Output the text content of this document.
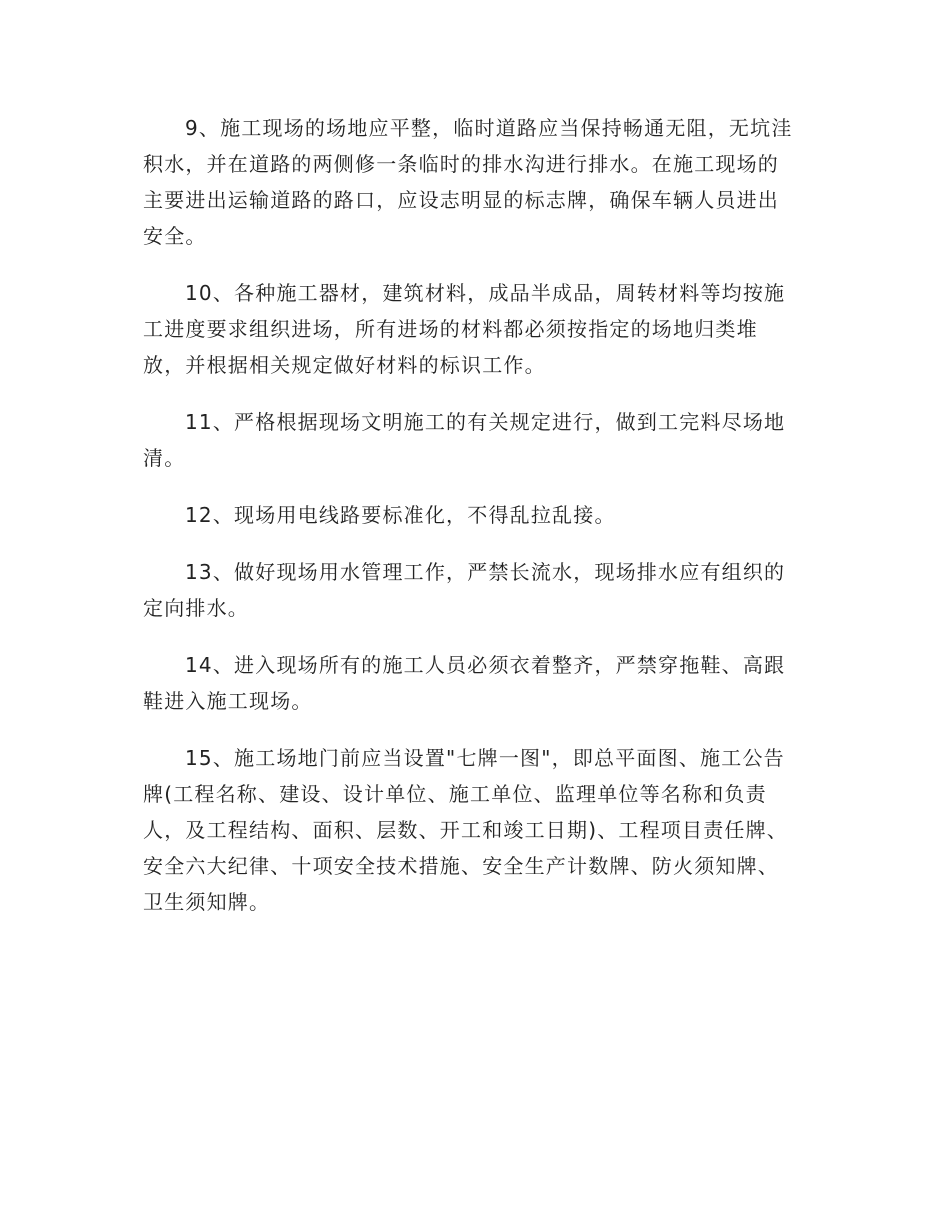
9、施工现场的场地应平整，临时道路应当保持畅通无阻，无坑洼
积水，并在道路的两侧修一条临时的排水沟进行排水。在施工现场的
主要进出运输道路的路口，应设志明显的标志牌，确保车辆人员进出
安全。
10、各种施工器材，建筑材料，成品半成品，周转材料等均按施
工进度要求组织进场，所有进场的材料都必须按指定的场地归类堆
放，并根据相关规定做好材料的标识工作。
11、严格根据现场文明施工的有关规定进行，做到工完料尽场地
清。
12、现场用电线路要标准化，不得乱拉乱接。
13、做好现场用水管理工作，严禁长流水，现场排水应有组织的
定向排水。
14、进入现场所有的施工人员必须衣着整齐，严禁穿拖鞋、高跟
鞋进入施工现场。
15、施工场地门前应当设置"七牌一图"，即总平面图、施工公告
牌(工程名称、建设、设计单位、施工单位、监理单位等名称和负责
人，及工程结构、面积、层数、开工和竣工日期)、工程项目责任牌、
安全六大纪律、十项安全技术措施、安全生产计数牌、防火须知牌、
卫生须知牌。
